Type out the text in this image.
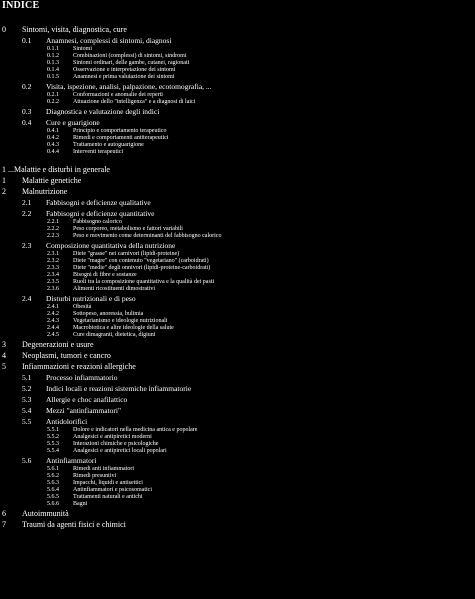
INDICE
0	Sintomi, visita, diagnostica, cure
0.1	Anamnesi, complessi di sintomi, diagnosi
0.1.1	Sintomi
0.1.2	Combinazioni (complessi) di sintomi, sindromi
0.1.3	Sintomi ordinari, delle gambe, cutanei, ragionati
0.1.4	Osservazione e interpretazione dei sintomi
0.1.5	Anamnesi e prima valutazione dei sintomi
0.2	Visita, ispezione, analisi, palpazione, ecotomografia, ...
0.2.1	Conformazioni e anomalie dei reperti
0.2.2	Attuazione dello "intelligenza" e a diagnosi di laici
0.3	Diagnostica e valutazione degli indici
0.4	Cure e guarigione
0.4.1	Principio e comportamento terapeutico
0.4.2	Rimedi e comportamenti antiterapeutici
0.4.3	Trattamento e autoguarigione
0.4.4	Interventi terapeutici
1 ...Malattie e disturbi in generale
1	Malattie genetiche
2	Malnutrizione
2.1	Fabbisogni e deficienze qualitative
2.2	Fabbisogni e deficienze quantitative
2.2.1	Fabbisogno calorico
2.2.2	Peso corporeo, metabolismo e fattori variabili
2.2.3	Peso e movimento come determinanti del fabbisogno calorico
2.3	Composizione quantitativa della nutrizione
2.3.1	Diete "grasse" nei carnivori (lipidi-proteine)
2.3.2	Diete "magre" con contenuto "vegetariano" (carboidrati)
2.3.3	Diete "medie" degli onnivori (lipidi-proteine-carboidrati)
2.3.4	Bisogni di fibre e sostanze
2.3.5	Ruoli tra la composizione quantitativa e la qualità dei pasti
2.3.6	Alimenti ricostituenti dimostrativi
2.4	Disturbi nutrizionali e di peso
2.4.1	Obesità
2.4.2	Sottopeso, anoressia, bulimia
2.4.3	Vegetarianismo e ideologie nutrizionali
2.4.4	Macrobiotica e altre ideologie della salute
2.4.5	Cure dimagranti, dietetica, digiuni
3	Degenerazioni e usure
4	Neoplasmi, tumori e cancro
5	Infiammazioni e reazioni allergiche
5.1	Processo infiammatorio
5.2	Indici locali e reazioni sistemiche infiammatorie
5.3	Allergie e choc anafilattico
5.4	Mezzi "antinfiammatori"
5.5	Antidolorifici
5.5.1	Dolore e indicatori nella medicina antica e popolare
5.5.2	Analgesici e antipiretici moderni
5.5.3	Interazioni chimiche e psicologiche
5.5.4	Analgesici e antipiretici locali popolari
5.6	Antinfiammatori
5.6.1	Rimedi anti infiammatori
5.6.2	Rimedi presuntivi
5.6.3	Impacchi, liquidi e antisettici
5.6.4	Antinfiammatori e psicosomatici
5.6.5	Trattamenti naturali e antichi
5.6.6	Bagni
6	Autoimmunità
7	Traumi da agenti fisici e chimici
